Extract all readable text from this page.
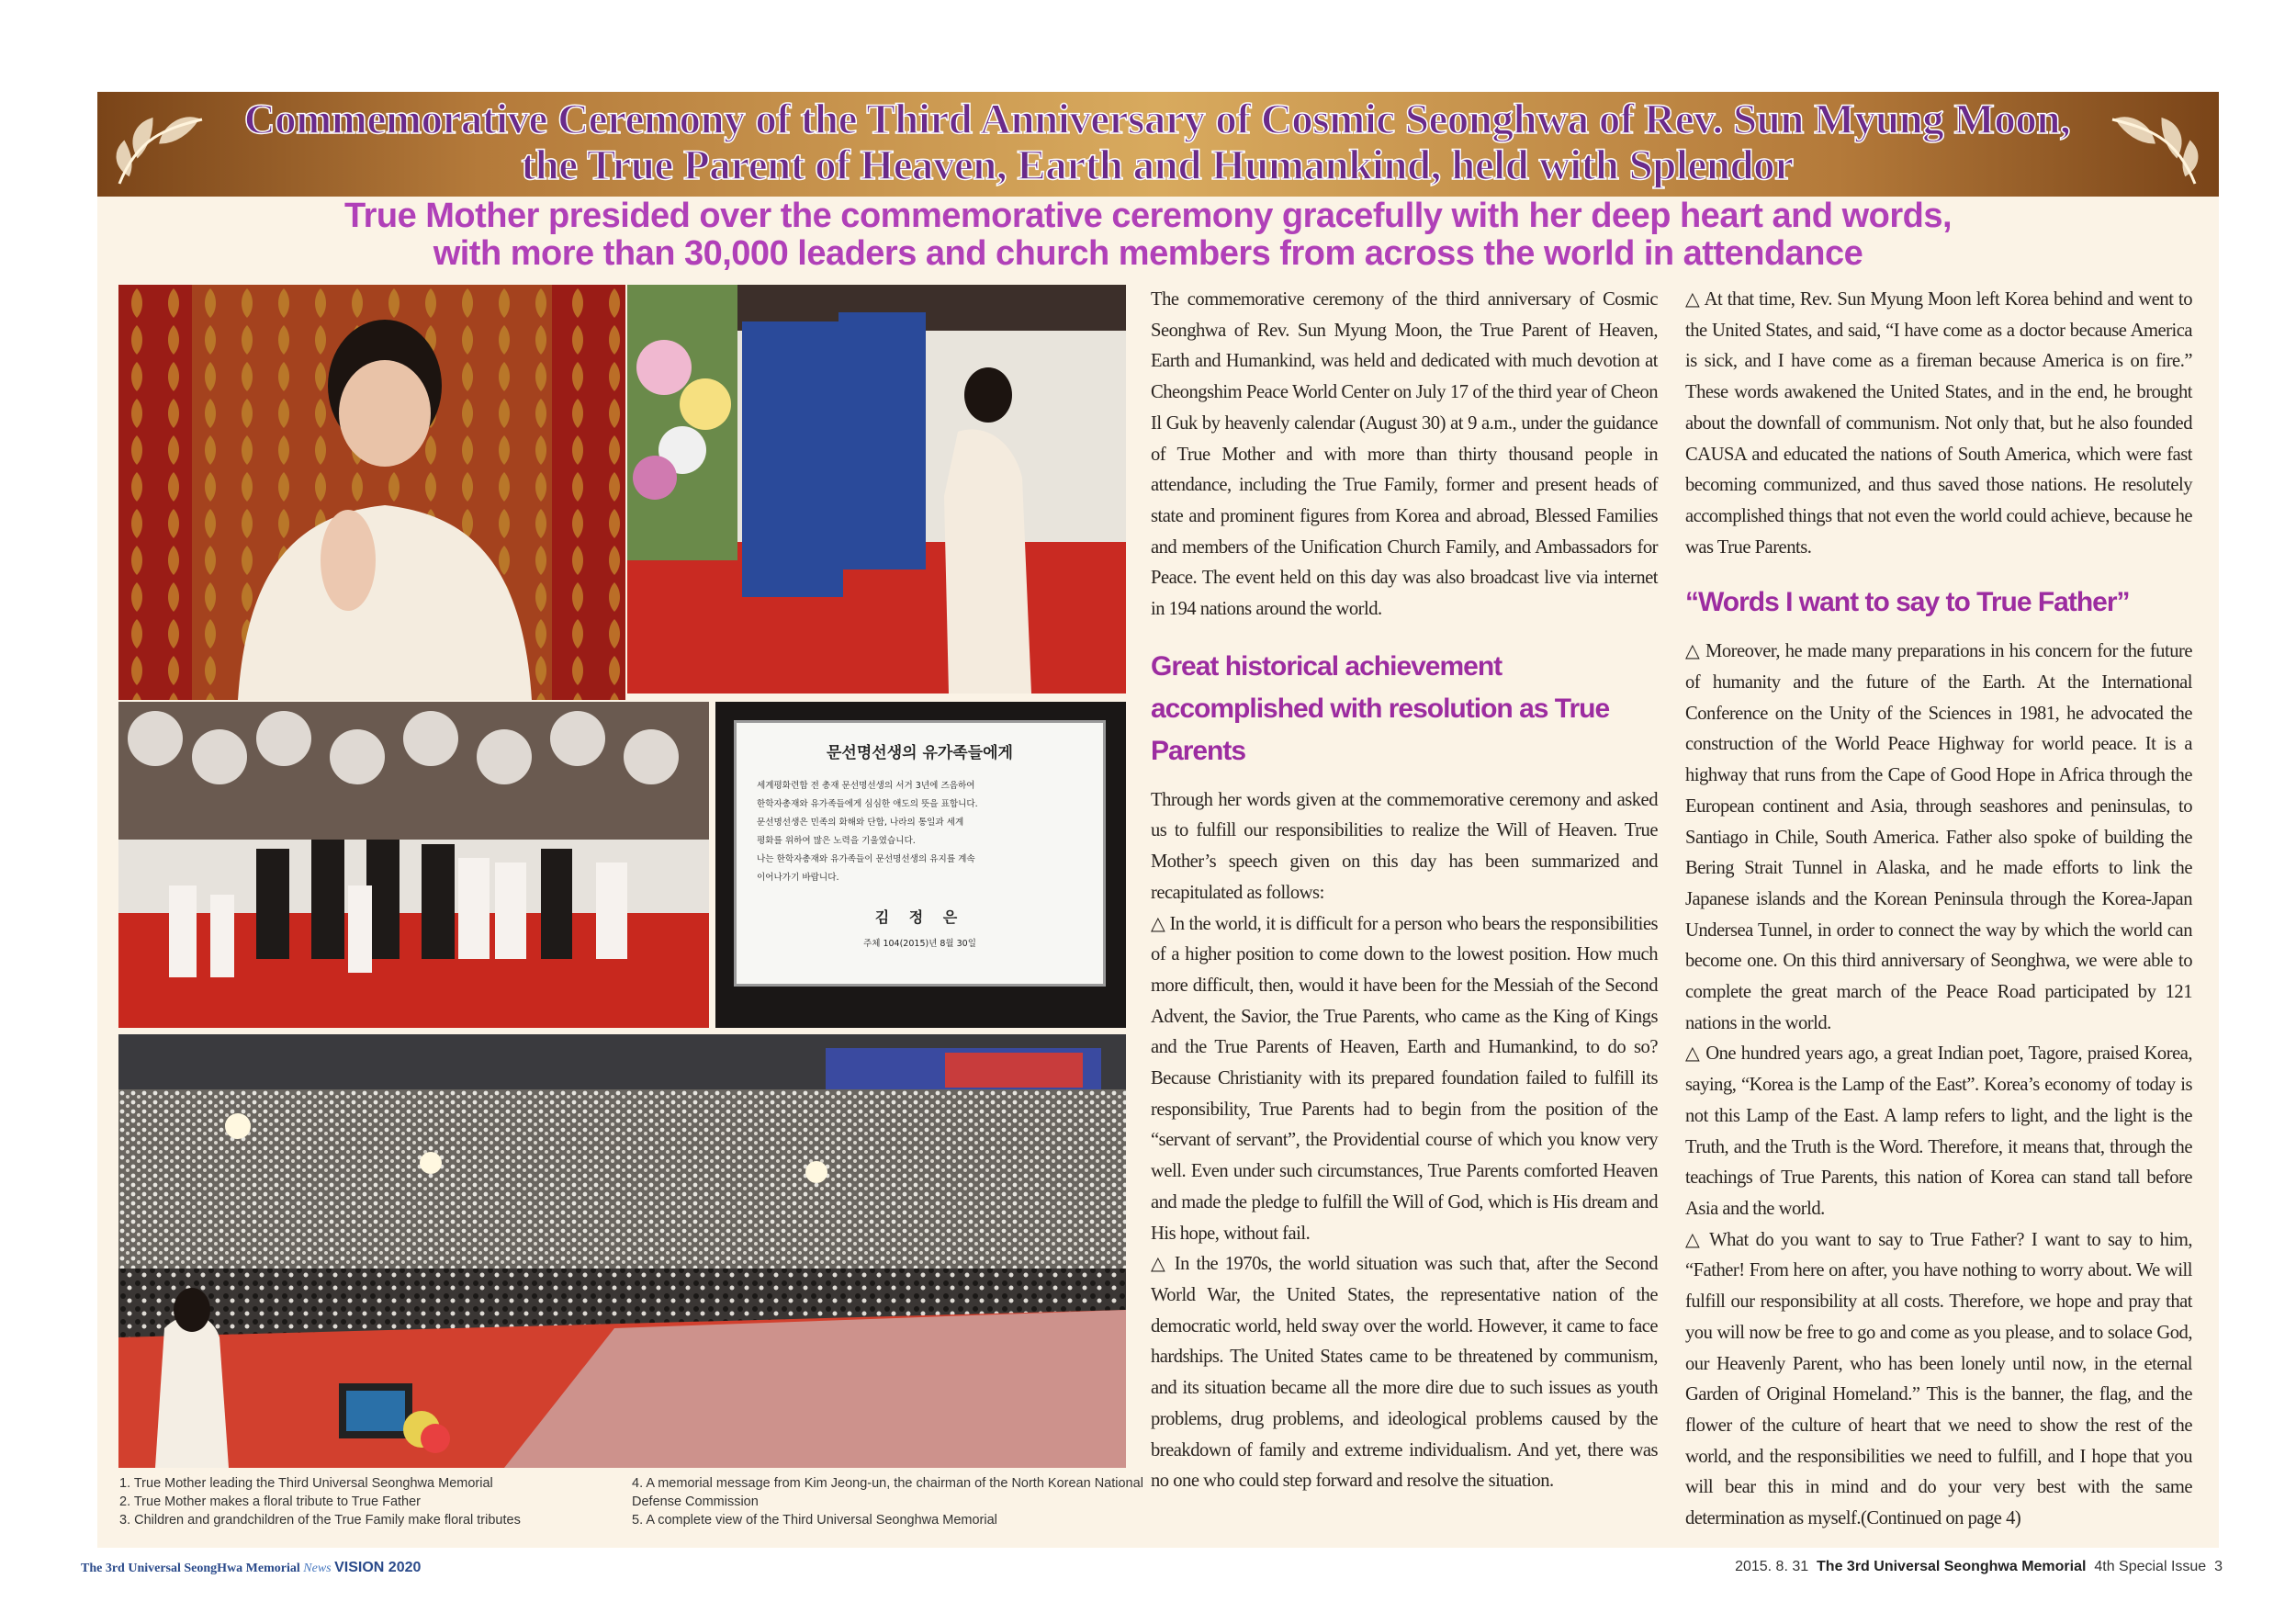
Commemorative Ceremony of the Third Anniversary of Cosmic Seonghwa of Rev. Sun Myung Moon,
the True Parent of Heaven, Earth and Humankind, held with Splendor
True Mother presided over the commemorative ceremony gracefully with her deep heart and words,
with more than 30,000 leaders and church members from across the world in attendance
문선명선생의 유가족들에게
세계평화련합 전 총재 문선명선생의 서거 3년에 즈음하여
한학자총재와 유가족들에게 심심한 애도의 뜻을 표합니다.
문선명선생은 민족의 화해와 단합, 나라의 통일과 세계
평화를 위하여 많은 노력을 기울였습니다.
나는 한학자총재와 유가족들이 문선명선생의 유지를 계속
이어나가기 바랍니다.
김 정 은
주체 104(2015)년 8월 30일
1. True Mother leading the Third Universal Seonghwa Memorial
2. True Mother makes a floral tribute to True Father
3. Children and grandchildren of the True Family make floral tributes
4. A memorial message from Kim Jeong-un, the chairman of the North Korean National
Defense Commission
5. A complete view of the Third Universal Seonghwa Memorial

The commemorative ceremony of the third anniversary of Cosmic Seonghwa of Rev. Sun Myung Moon, the True Parent of Heaven, Earth and Humankind, was held and dedicated with much devotion at Cheongshim Peace World Center on July 17 of the third year of Cheon Il Guk by heavenly calendar (August 30) at 9 a.m., under the guidance of True Mother and with more than thirty thousand people in attendance, including the True Family, former and present heads of state and prominent figures from Korea and abroad, Blessed Families and members of the Unification Church Family, and Ambassadors for Peace. The event held on this day was also broadcast live via internet in 194 nations around the world.

Great historical achievement accomplished with resolution as True Parents

Through her words given at the commemorative ceremony and asked us to fulfill our responsibilities to realize the Will of Heaven. True Mother’s speech given on this day has been summarized and recapitulated as follows:

△ In the world, it is difficult for a person who bears the responsibilities of a higher position to come down to the lowest position. How much more difficult, then, would it have been for the Messiah of the Second Advent, the Savior, the True Parents, who came as the King of Kings and the True Parents of Heaven, Earth and Humankind, to do so? Because Christianity with its prepared foundation failed to fulfill its responsibility, True Parents had to begin from the position of the “servant of servant”, the Providential course of which you know very well. Even under such circumstances, True Parents comforted Heaven and made the pledge to fulfill the Will of God, which is His dream and His hope, without fail.

△ In the 1970s, the world situation was such that, after the Second World War, the United States, the representative nation of the democratic world, held sway over the world. However, it came to face hardships. The United States came to be threatened by communism, and its situation became all the more dire due to such issues as youth problems, drug problems, and ideological problems caused by the breakdown of family and extreme individualism. And yet, there was no one who could step forward and resolve the situation.

△ At that time, Rev. Sun Myung Moon left Korea behind and went to the United States, and said, “I have come as a doctor because America is sick, and I have come as a fireman because America is on fire.” These words awakened the United States, and in the end, he brought about the downfall of communism. Not only that, but he also founded CAUSA and educated the nations of South America, which were fast becoming communized, and thus saved those nations. He resolutely accomplished things that not even the world could achieve, because he was True Parents.

“Words I want to say to True Father”

△ Moreover, he made many preparations in his concern for the future of humanity and the future of the Earth. At the International Conference on the Unity of the Sciences in 1981, he advocated the construction of the World Peace Highway for world peace. It is a highway that runs from the Cape of Good Hope in Africa through the European continent and Asia, through seashores and peninsulas, to Santiago in Chile, South America. Father also spoke of building the Bering Strait Tunnel in Alaska, and he made efforts to link the Japanese islands and the Korean Peninsula through the Korea-Japan Undersea Tunnel, in order to connect the way by which the world can become one. On this third anniversary of Seonghwa, we were able to complete the great march of the Peace Road participated by 121 nations in the world.

△ One hundred years ago, a great Indian poet, Tagore, praised Korea, saying, “Korea is the Lamp of the East”. Korea’s economy of today is not this Lamp of the East. A lamp refers to light, and the light is the Truth, and the Truth is the Word. Therefore, it means that, through the teachings of True Parents, this nation of Korea can stand tall before Asia and the world.

△ What do you want to say to True Father? I want to say to him, “Father! From here on after, you have nothing to worry about. We will fulfill our responsibility at all costs. Therefore, we hope and pray that you will now be free to go and come as you please, and to solace God, our Heavenly Parent, who has been lonely until now, in the eternal Garden of Original Homeland.” This is the banner, the flag, and the flower of the culture of heart that we need to show the rest of the world, and the responsibilities we need to fulfill, and I hope that you will bear this in mind and do your very best with the same determination as myself.(Continued on page 4)

The 3rd Universal SeongHwa Memorial News VISION 2020	2015. 8. 31 The 3rd Universal Seonghwa Memorial 4th Special Issue 3
